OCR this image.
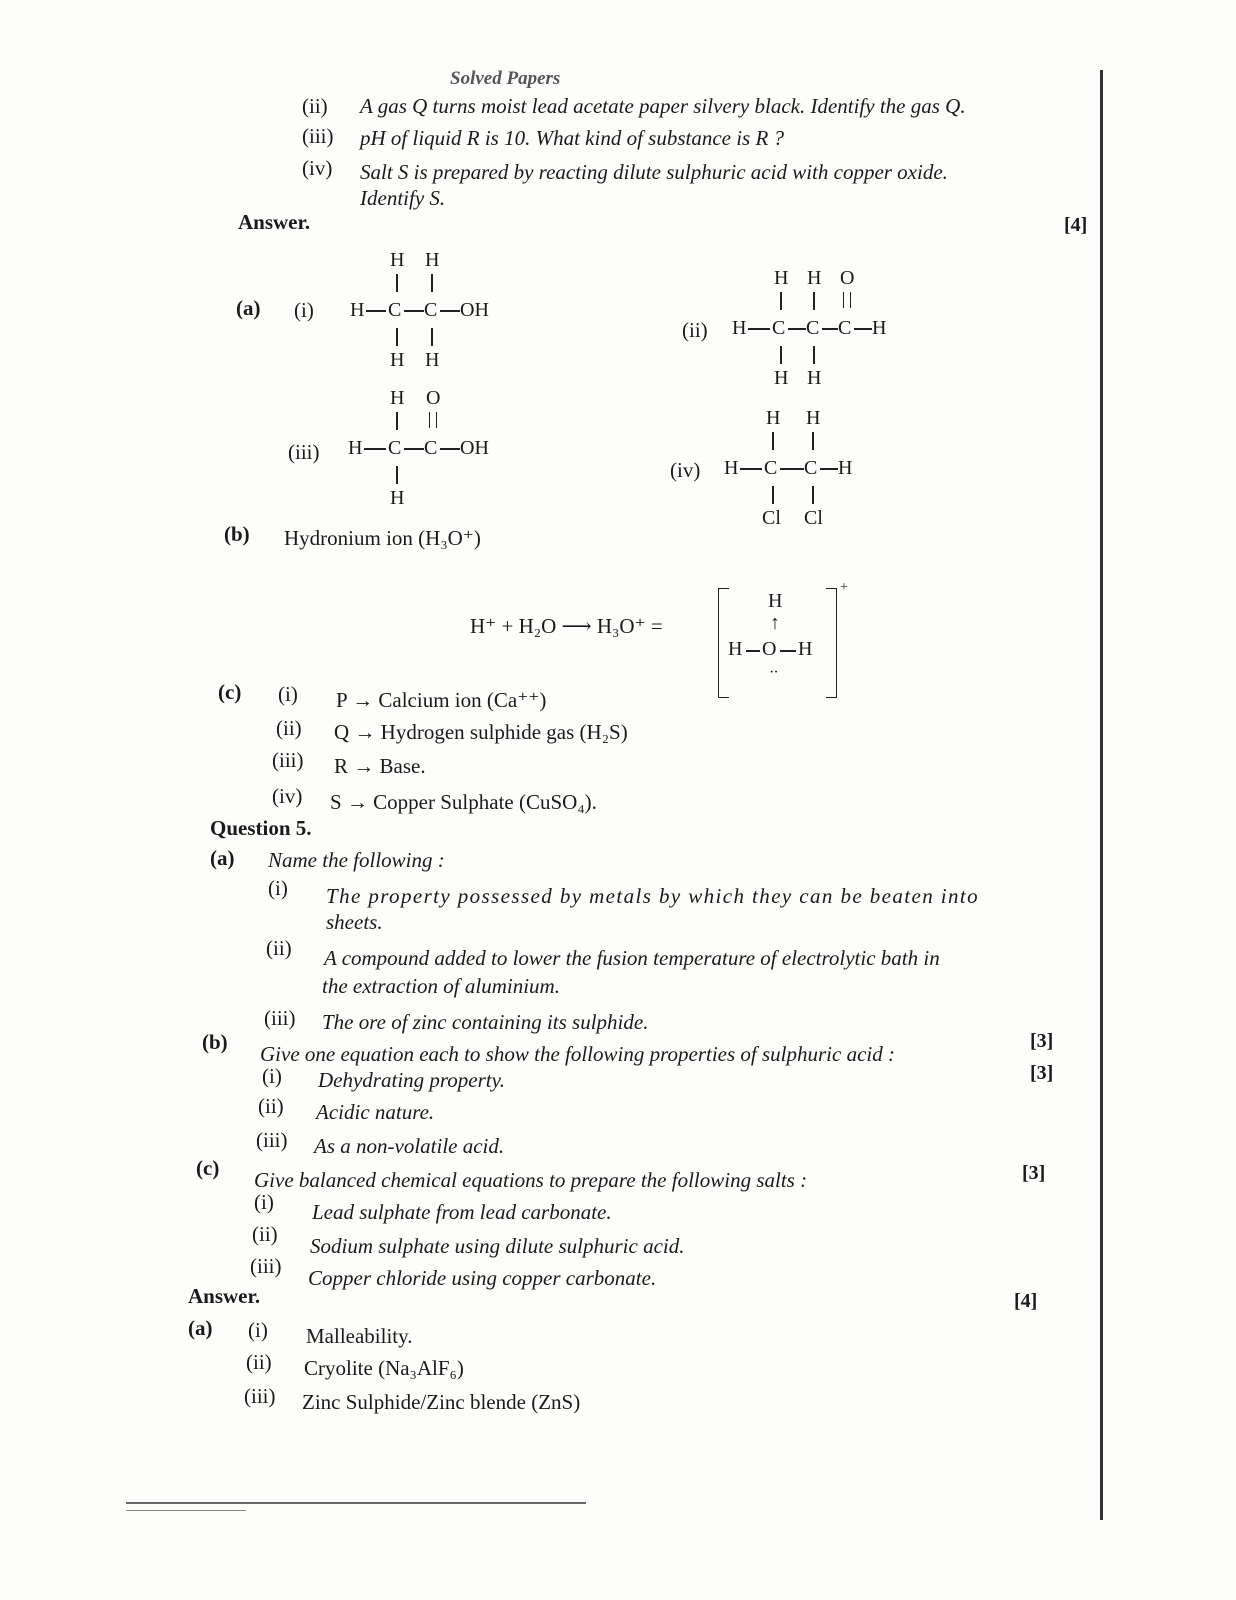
Solved Papers
(ii) A gas Q turns moist lead acetate paper silvery black. Identify the gas Q.
(iii) pH of liquid R is 10. What kind of substance is R ?
(iv) Salt S is prepared by reacting dilute sulphuric acid with copper oxide.
Identify S.
Answer.	[4]
(a) (i)
H H
H C C OH
H H
(ii)
H H O
H C C C H
H H
(iii)
H O
H C C OH
H
(iv)
H H
H C C H
Cl Cl
(b) Hydronium ion (H₃O⁺)
H⁺ + H₂O ⟶ H₃O⁺ =
+
H
↑
H O H
··
(c) (i) P → Calcium ion (Ca⁺⁺)
(ii) Q → Hydrogen sulphide gas (H₂S)
(iii) R → Base.
(iv) S → Copper Sulphate (CuSO₄).
Question 5.
(a) Name the following :
(i) The property possessed by metals by which they can be beaten into
sheets.
(ii) A compound added to lower the fusion temperature of electrolytic bath in
the extraction of aluminium.
(iii) The ore of zinc containing its sulphide.
[3]
(b) Give one equation each to show the following properties of sulphuric acid :
[3]
(i) Dehydrating property.
(ii) Acidic nature.
(iii) As a non-volatile acid.
(c) Give balanced chemical equations to prepare the following salts :	[3]
(i) Lead sulphate from lead carbonate.
(ii) Sodium sulphate using dilute sulphuric acid.
(iii) Copper chloride using copper carbonate.
Answer.	[4]
(a) (i) Malleability.
(ii) Cryolite (Na₃AlF₆)
(iii) Zinc Sulphide/Zinc blende (ZnS)
